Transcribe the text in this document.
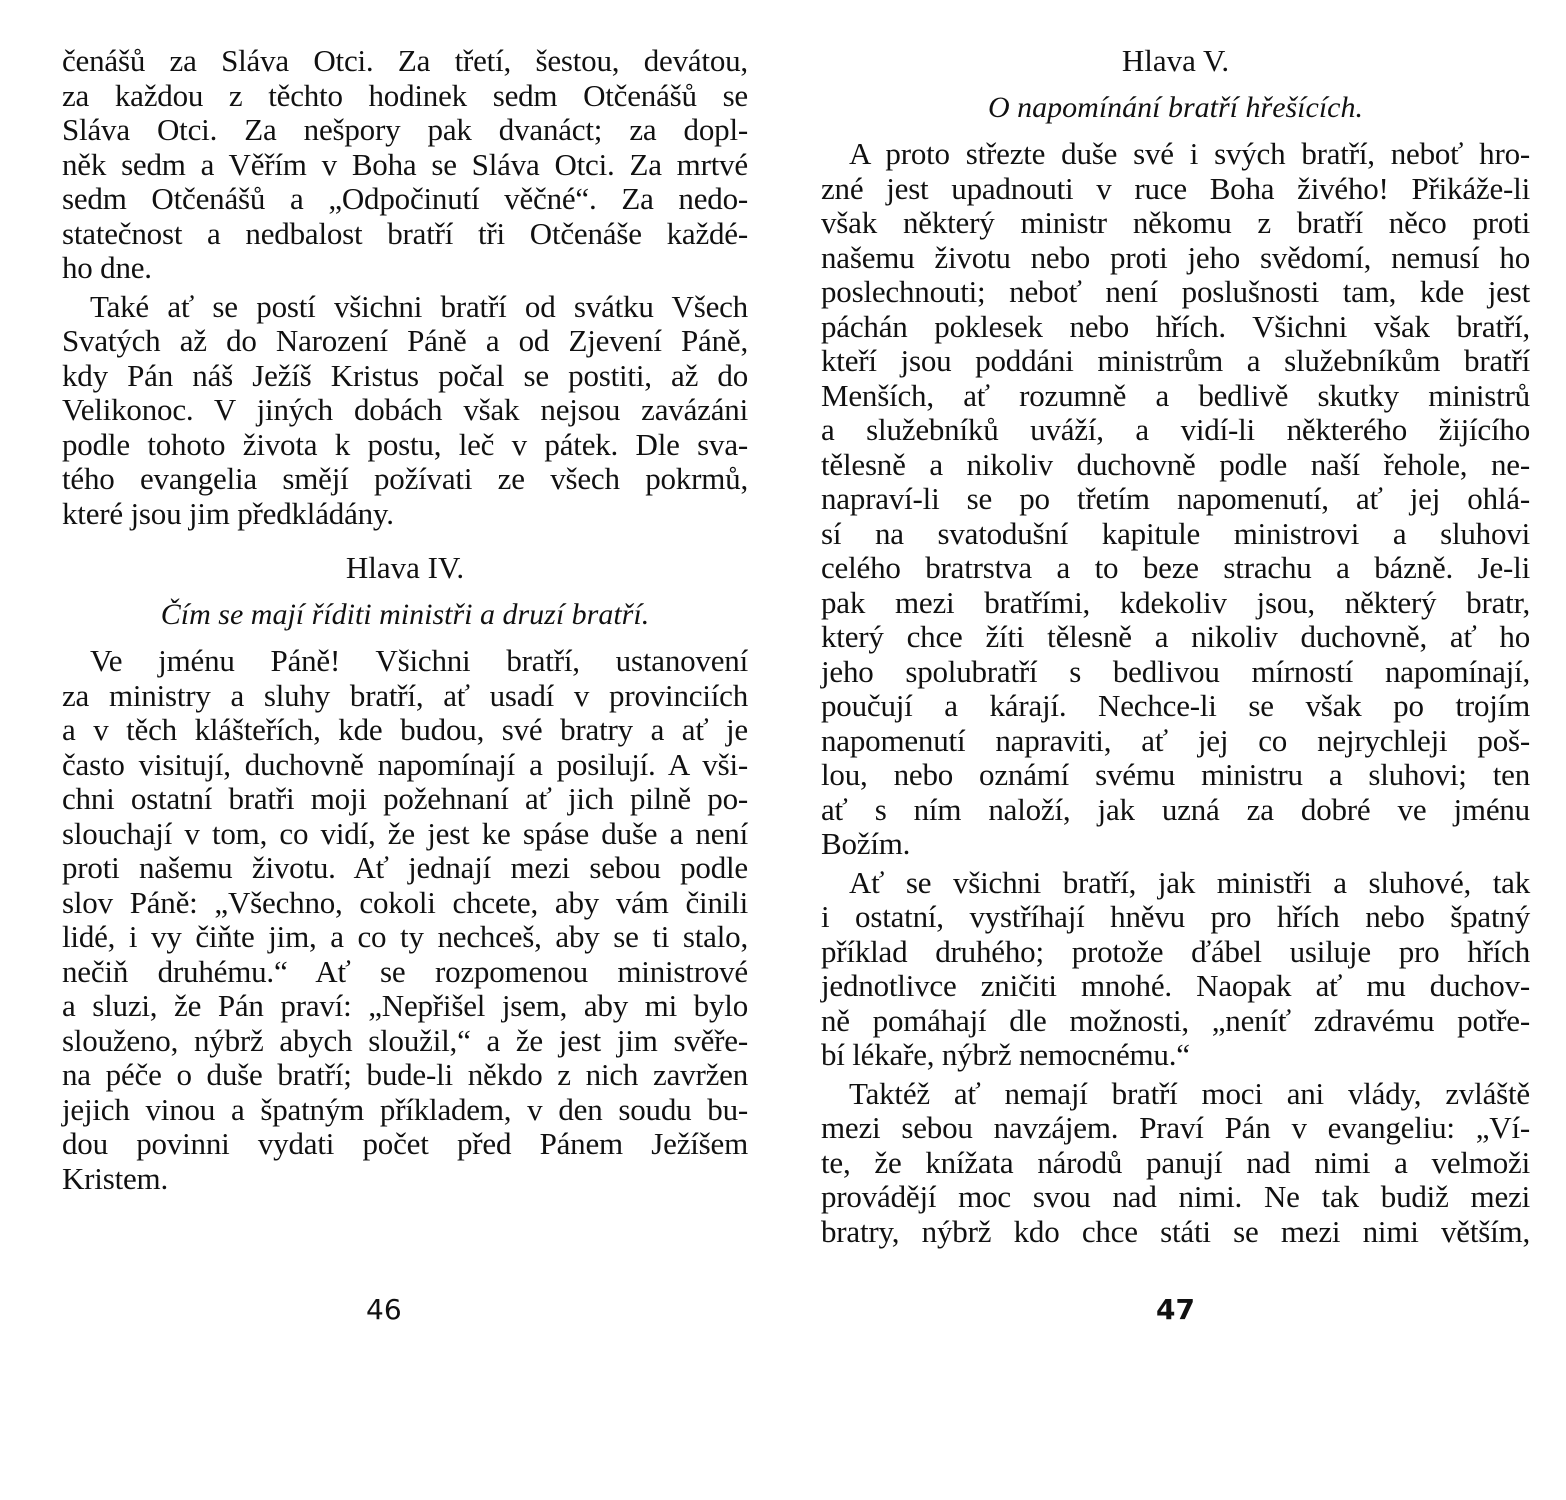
čenášů za Sláva Otci. Za třetí, šestou, devátou,
za každou z těchto hodinek sedm Otčenášů se
Sláva Otci. Za nešpory pak dvanáct; za dopl-
něk sedm a Věřím v Boha se Sláva Otci. Za mrtvé
sedm Otčenášů a „Odpočinutí věčné“. Za nedo-
statečnost a nedbalost bratří tři Otčenáše každé-
ho dne.
Také ať se postí všichni bratří od svátku Všech
Svatých až do Narození Páně a od Zjevení Páně,
kdy Pán náš Ježíš Kristus počal se postiti, až do
Velikonoc. V jiných dobách však nejsou zavázáni
podle tohoto života k postu, leč v pátek. Dle sva-
tého evangelia smějí požívati ze všech pokrmů,
které jsou jim předkládány.
Hlava IV.
Čím se mají říditi ministři a druzí bratří.
Ve jménu Páně! Všichni bratří, ustanovení
za ministry a sluhy bratří, ať usadí v provinciích
a v těch klášteřích, kde budou, své bratry a ať je
často visitují, duchovně napomínají a posilují. A vši-
chni ostatní bratři moji požehnaní ať jich pilně po-
slouchají v tom, co vidí, že jest ke spáse duše a není
proti našemu životu. Ať jednají mezi sebou podle
slov Páně: „Všechno, cokoli chcete, aby vám činili
lidé, i vy čiňte jim, a co ty nechceš, aby se ti stalo,
nečiň druhému.“ Ať se rozpomenou ministrové
a sluzi, že Pán praví: „Nepřišel jsem, aby mi bylo
slouženo, nýbrž abych sloužil,“ a že jest jim svěře-
na péče o duše bratří; bude-li někdo z nich zavržen
jejich vinou a špatným příkladem, v den soudu bu-
dou povinni vydati počet před Pánem Ježíšem
Kristem.
Hlava V.
O napomínání bratří hřešících.
A proto střezte duše své i svých bratří, neboť hro-
zné jest upadnouti v ruce Boha živého! Přikáže-li
však některý ministr někomu z bratří něco proti
našemu životu nebo proti jeho svědomí, nemusí ho
poslechnouti; neboť není poslušnosti tam, kde jest
páchán poklesek nebo hřích. Všichni však bratří,
kteří jsou poddáni ministrům a služebníkům bratří
Menších, ať rozumně a bedlivě skutky ministrů
a služebníků uváží, a vidí-li některého žijícího
tělesně a nikoliv duchovně podle naší řehole, ne-
napraví-li se po třetím napomenutí, ať jej ohlá-
sí na svatodušní kapitule ministrovi a sluhovi
celého bratrstva a to beze strachu a bázně. Je-li
pak mezi bratřími, kdekoliv jsou, některý bratr,
který chce žíti tělesně a nikoliv duchovně, ať ho
jeho spolubratří s bedlivou mírností napomínají,
poučují a kárají. Nechce-li se však po trojím
napomenutí napraviti, ať jej co nejrychleji poš-
lou, nebo oznámí svému ministru a sluhovi; ten
ať s ním naloží, jak uzná za dobré ve jménu
Božím.
Ať se všichni bratří, jak ministři a sluhové, tak
i ostatní, vystříhají hněvu pro hřích nebo špatný
příklad druhého; protože ďábel usiluje pro hřích
jednotlivce zničiti mnohé. Naopak ať mu duchov-
ně pomáhají dle možnosti, „neníť zdravému potře-
bí lékaře, nýbrž nemocnému.“
Taktéž ať nemají bratří moci ani vlády, zvláště
mezi sebou navzájem. Praví Pán v evangeliu: „Ví-
te, že knížata národů panují nad nimi a velmoži
provádějí moc svou nad nimi. Ne tak budiž mezi
bratry, nýbrž kdo chce státi se mezi nimi větším,
46	47
